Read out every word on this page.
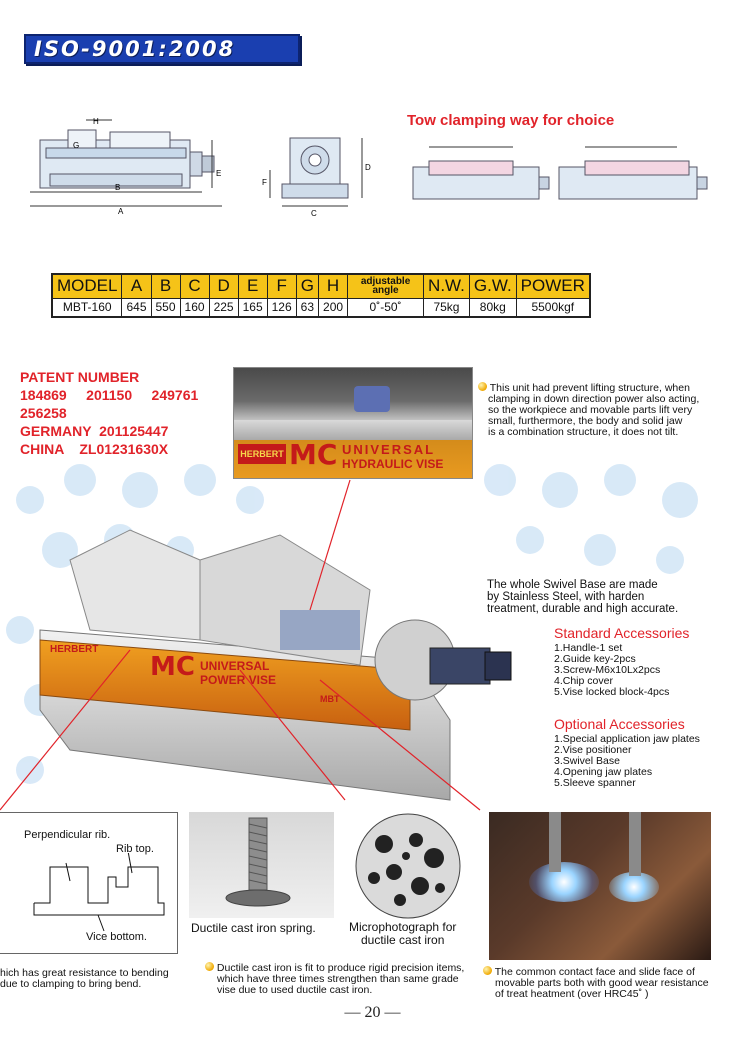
ISO-9001:2008
H
G
E
B
A
D
F
C
Tow clamping way for choice
MODEL	A	B	C	D	E	F	G	H	adjustable angle	N.W.	G.W.	POWER
MBT-160	645	550	160	225	165	126	63	200	0˚-50˚	75kg	80kg	5500kgf
PATENT NUMBER
184869     201150     249761
256258
GERMANY  201125447
CHINA    ZL01231630X	HERBERT MC UNIVERSAL
HYDRAULIC VISE
This unit had prevent lifting structure, when
clamping in down direction power also acting,
so the workpiece and movable parts lift very
small, furthermore, the body and solid jaw
is a combination structure, it does not tilt.
HERBERT
MC UNIVERSAL
POWER VISE
MBT
The whole Swivel Base are made
by Stainless Steel, with harden
treatment, durable and high accurate.
Standard Accessories
1.Handle-1 set
2.Guide key-2pcs
3.Screw-M6x10Lx2pcs
4.Chip cover
5.Vise locked block-4pcs
Optional Accessories
1.Special application jaw plates
2.Vise positioner
3.Swivel Base
4.Opening jaw plates
5.Sleeve spanner
Perpendicular rib.
Rib top.
Vice bottom.
Ductile cast iron spring.	Microphotograph for
ductile cast iron
hich has great resistance to bending
due to clamping to bring bend.
Ductile cast iron is fit to produce rigid precision items,
which have three times strengthen than same grade
vise due to used ductile cast iron.
The common contact face and slide face of
movable parts both with good wear resistance
of treat heatment (over HRC45˚ )
— 20 —
